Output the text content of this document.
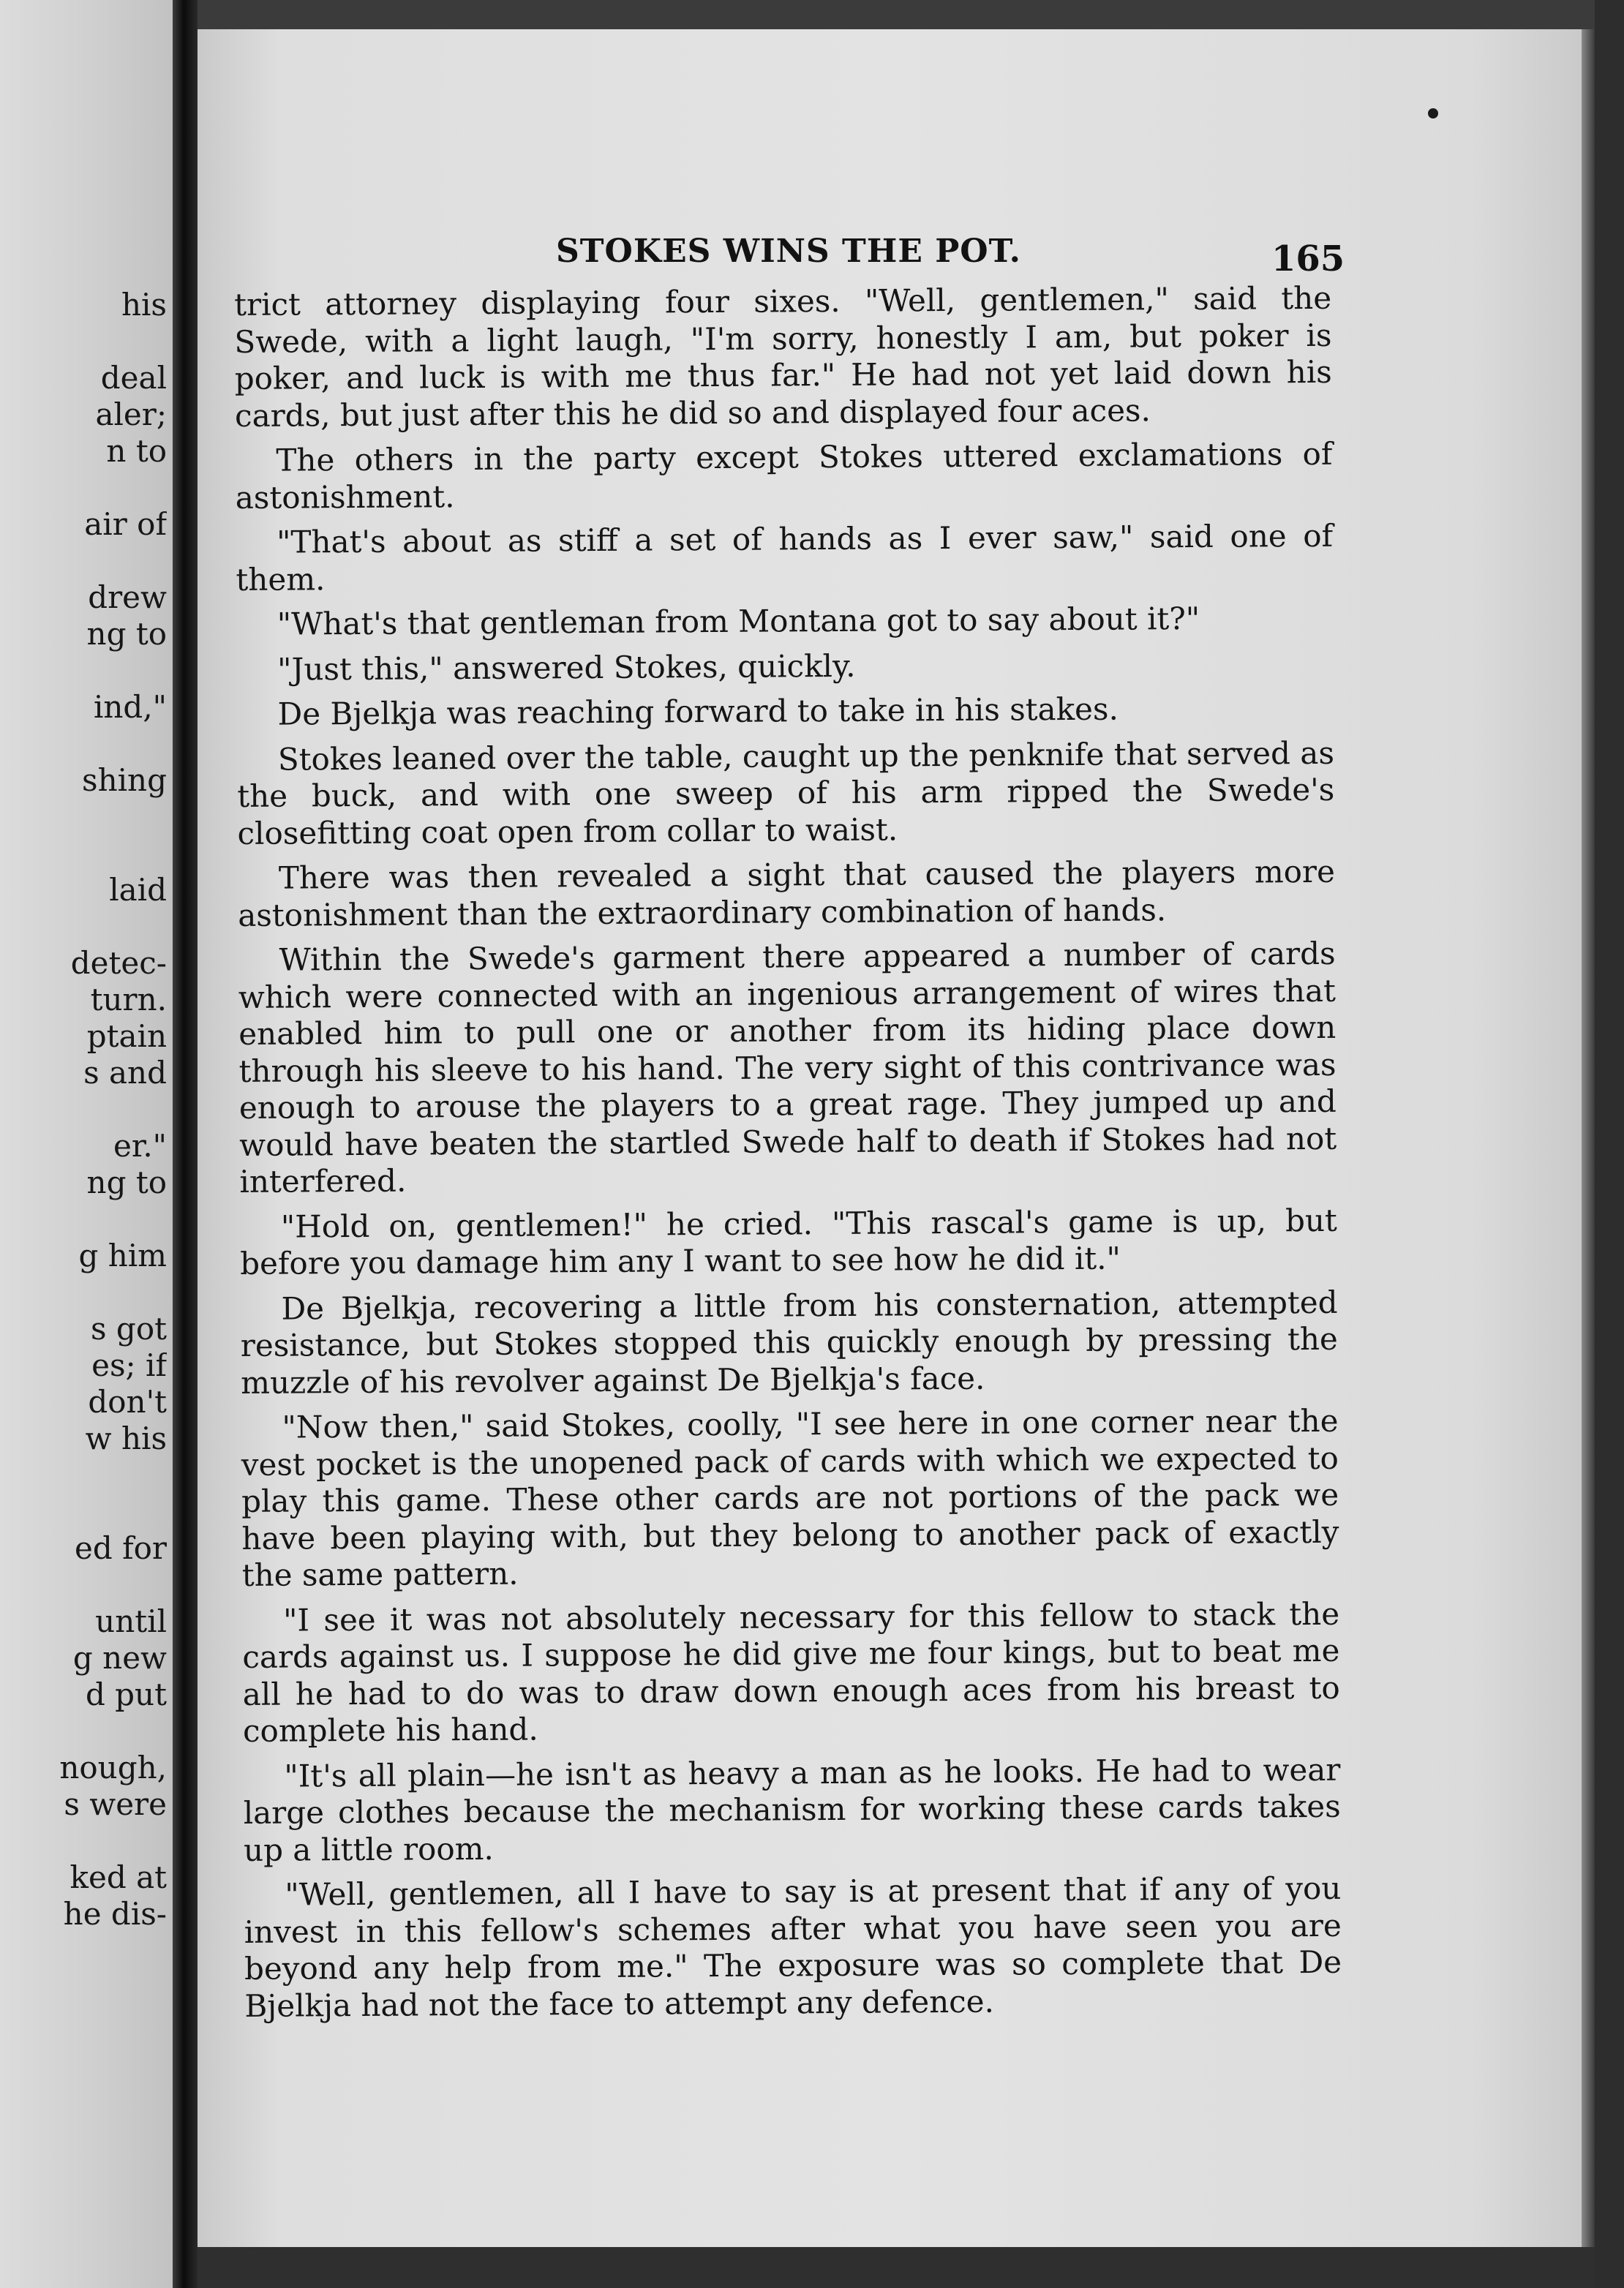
his
deal
aler;
n to
air of
drew
ng to
ind,"
shing
laid
detec-
turn.
ptain
s and
er."
ng to
g him
s got
es; if
don't
w his
ed for
until
g new
d put
nough,
s were
ked at
he dis-
STOKES WINS THE POT.	165

trict attorney displaying four sixes. "Well, gentlemen," said the Swede, with a light laugh, "I'm sorry, honestly I am, but poker is poker, and luck is with me thus far." He had not yet laid down his cards, but just after this he did so and displayed four aces.

The others in the party except Stokes uttered exclamations of astonishment.

"That's about as stiff a set of hands as I ever saw," said one of them.

"What's that gentleman from Montana got to say about it?"

"Just this," answered Stokes, quickly.

De Bjelkja was reaching forward to take in his stakes.

Stokes leaned over the table, caught up the penknife that served as the buck, and with one sweep of his arm ripped the Swede's closefitting coat open from collar to waist.

There was then revealed a sight that caused the players more astonishment than the extraordinary combination of hands.

Within the Swede's garment there appeared a number of cards which were connected with an ingenious arrangement of wires that enabled him to pull one or another from its hiding place down through his sleeve to his hand. The very sight of this contrivance was enough to arouse the players to a great rage. They jumped up and would have beaten the startled Swede half to death if Stokes had not interfered.

"Hold on, gentlemen!" he cried. "This rascal's game is up, but before you damage him any I want to see how he did it."

De Bjelkja, recovering a little from his consternation, attempted resistance, but Stokes stopped this quickly enough by pressing the muzzle of his revolver against De Bjelkja's face.

"Now then," said Stokes, coolly, "I see here in one corner near the vest pocket is the unopened pack of cards with which we expected to play this game. These other cards are not portions of the pack we have been playing with, but they belong to another pack of exactly the same pattern.

"I see it was not absolutely necessary for this fellow to stack the cards against us. I suppose he did give me four kings, but to beat me all he had to do was to draw down enough aces from his breast to complete his hand.

"It's all plain—he isn't as heavy a man as he looks. He had to wear large clothes because the mechanism for working these cards takes up a little room.

"Well, gentlemen, all I have to say is at present that if any of you invest in this fellow's schemes after what you have seen you are beyond any help from me." The exposure was so complete that De Bjelkja had not the face to attempt any defence.
